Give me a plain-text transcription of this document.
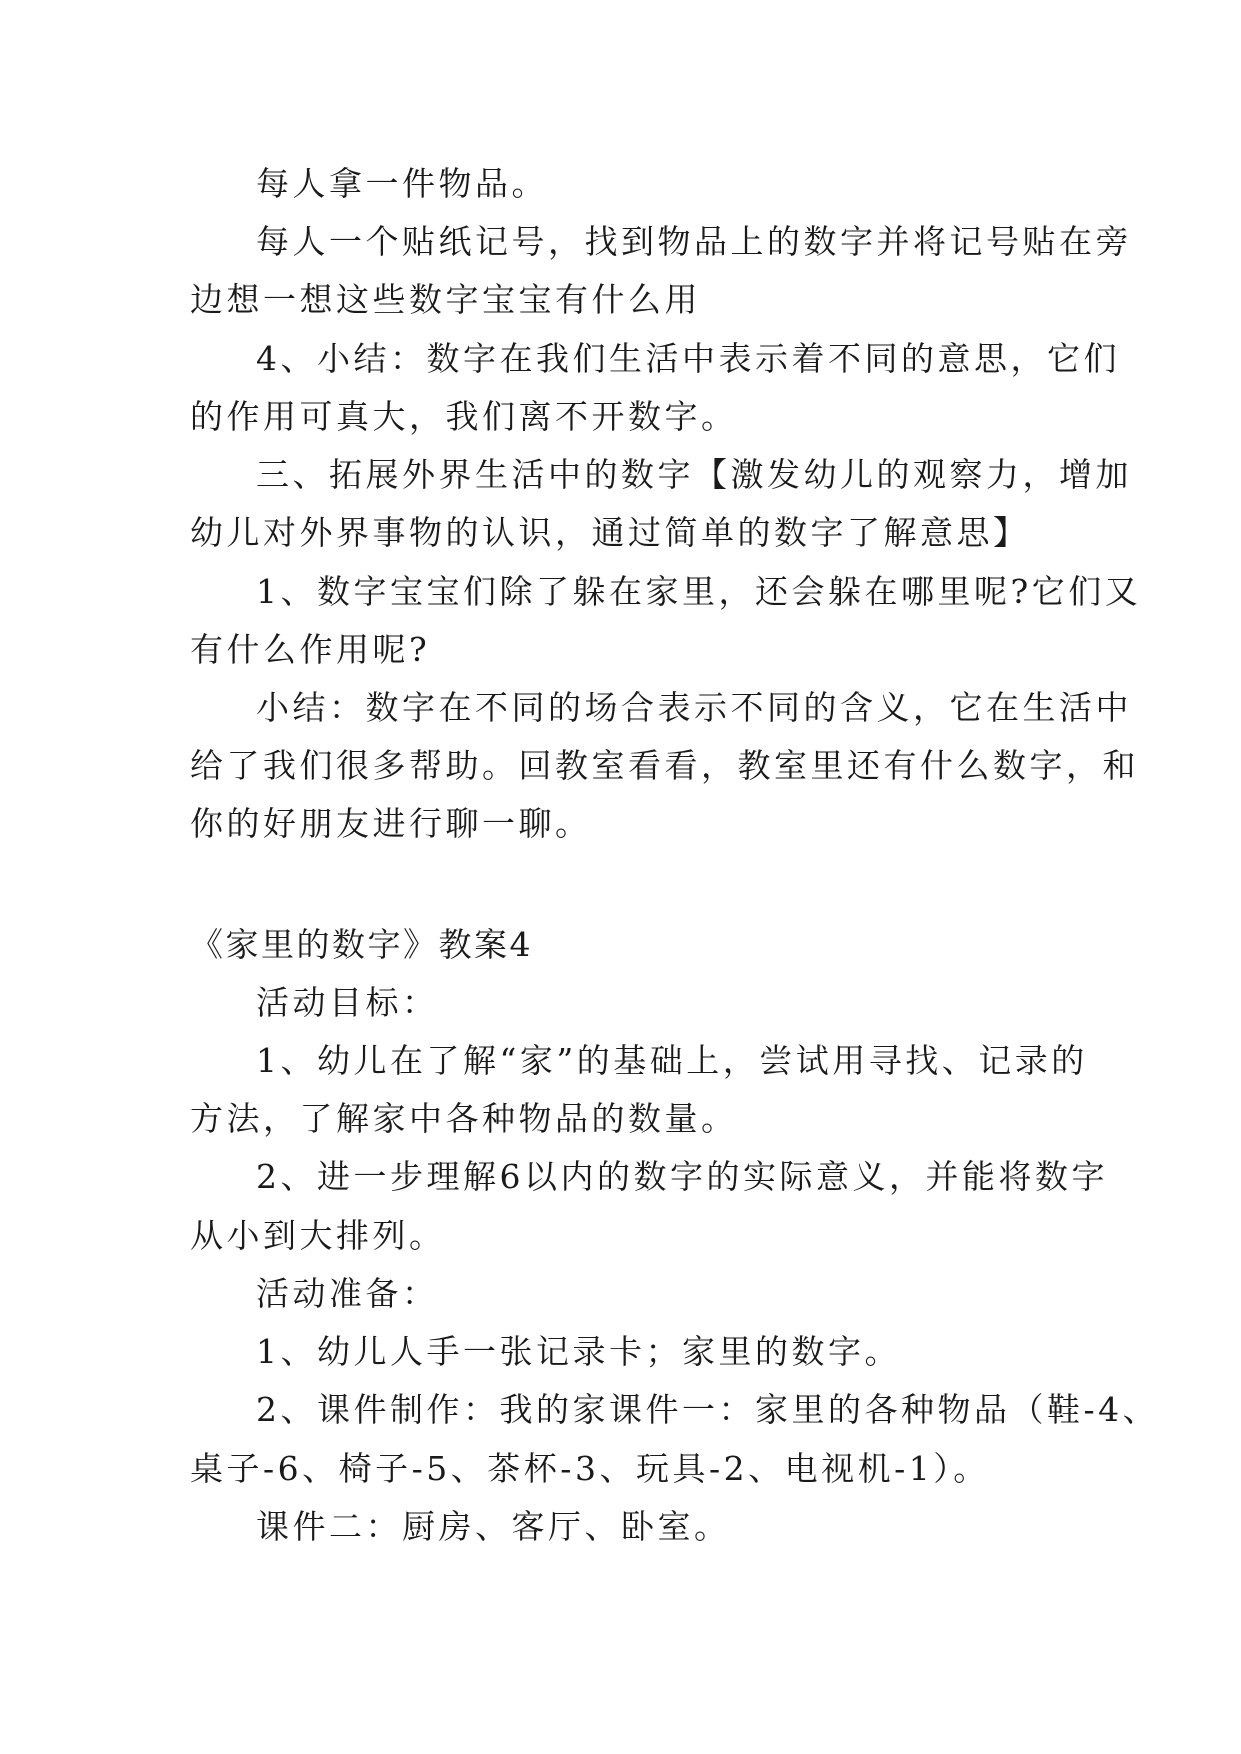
每人拿一件物品。
每人一个贴纸记号，找到物品上的数字并将记号贴在旁
边想一想这些数字宝宝有什么用
4、小结：数字在我们生活中表示着不同的意思，它们
的作用可真大，我们离不开数字。
三、拓展外界生活中的数字【激发幼儿的观察力，增加
幼儿对外界事物的认识，通过简单的数字了解意思】
1、数字宝宝们除了躲在家里，还会躲在哪里呢?它们又
有什么作用呢?
小结：数字在不同的场合表示不同的含义，它在生活中
给了我们很多帮助。回教室看看，教室里还有什么数字，和
你的好朋友进行聊一聊。
《家里的数字》教案4
活动目标：
1、幼儿在了解“家”的基础上，尝试用寻找、记录的
方法，了解家中各种物品的数量。
2、进一步理解6以内的数字的实际意义，并能将数字
从小到大排列。
活动准备：
1、幼儿人手一张记录卡；家里的数字。
2、课件制作：我的家课件一：家里的各种物品（鞋-4、
桌子-6、椅子-5、茶杯-3、玩具-2、电视机-1）。
课件二：厨房、客厅、卧室。
